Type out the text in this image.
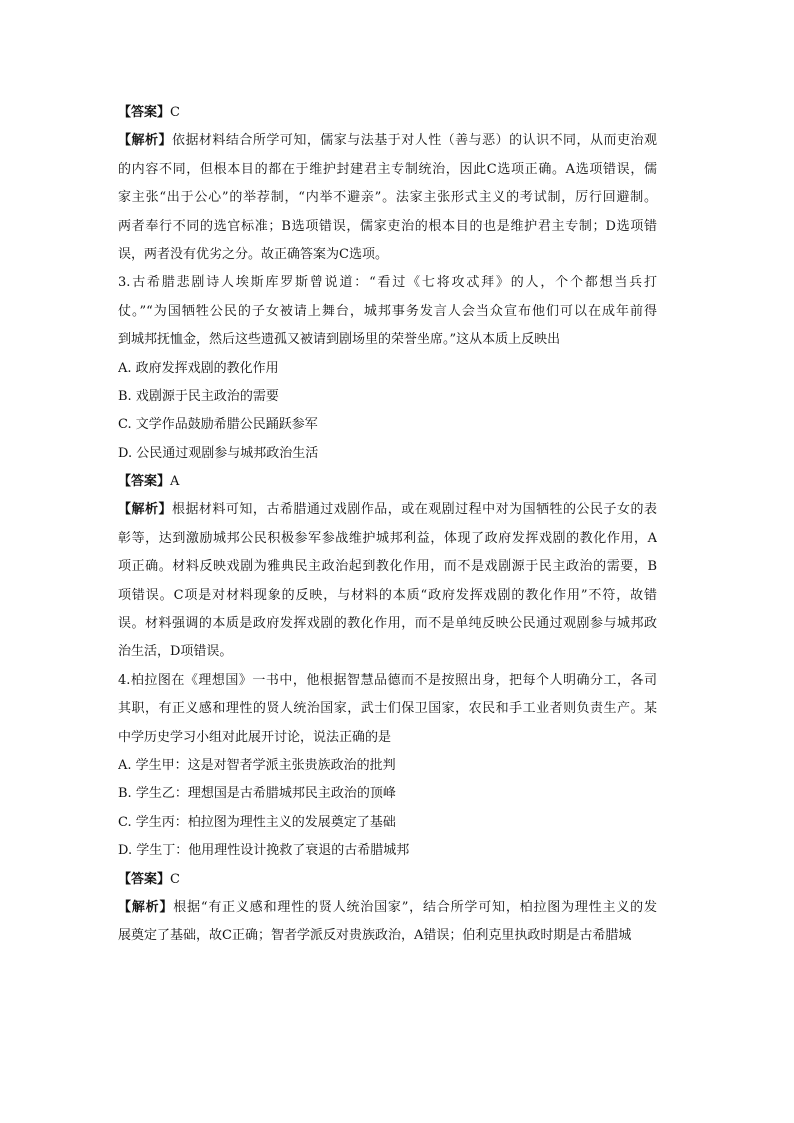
【答案】C
【解析】依据材料结合所学可知，儒家与法基于对人性（善与恶）的认识不同，从而吏治观
的内容不同，但根本目的都在于维护封建君主专制统治，因此C选项正确。A选项错误，儒
家主张“出于公心”的举荐制，“内举不避亲”。法家主张形式主义的考试制，厉行回避制。
两者奉行不同的选官标准；B选项错误，儒家吏治的根本目的也是维护君主专制；D选项错
误，两者没有优劣之分。故正确答案为C选项。
3.古希腊悲剧诗人埃斯库罗斯曾说道：“看过《七将攻忒拜》的人，个个都想当兵打
仗。”“为国牺牲公民的子女被请上舞台，城邦事务发言人会当众宣布他们可以在成年前得
到城邦抚恤金，然后这些遗孤又被请到剧场里的荣誉坐席。”这从本质上反映出
A. 政府发挥戏剧的教化作用
B. 戏剧源于民主政治的需要
C. 文学作品鼓励希腊公民踊跃参军
D. 公民通过观剧参与城邦政治生活
【答案】A
【解析】根据材料可知，古希腊通过戏剧作品，或在观剧过程中对为国牺牲的公民子女的表
彰等，达到激励城邦公民积极参军参战维护城邦利益，体现了政府发挥戏剧的教化作用，A
项正确。材料反映戏剧为雅典民主政治起到教化作用，而不是戏剧源于民主政治的需要，B
项错误。C项是对材料现象的反映，与材料的本质“政府发挥戏剧的教化作用”不符，故错
误。材料强调的本质是政府发挥戏剧的教化作用，而不是单纯反映公民通过观剧参与城邦政
治生活，D项错误。
4.柏拉图在《理想国》一书中，他根据智慧品德而不是按照出身，把每个人明确分工，各司
其职，有正义感和理性的贤人统治国家，武士们保卫国家，农民和手工业者则负责生产。某
中学历史学习小组对此展开讨论，说法正确的是
A. 学生甲：这是对智者学派主张贵族政治的批判
B. 学生乙：理想国是古希腊城邦民主政治的顶峰
C. 学生丙：柏拉图为理性主义的发展奠定了基础
D. 学生丁：他用理性设计挽救了衰退的古希腊城邦
【答案】C
【解析】根据“有正义感和理性的贤人统治国家”，结合所学可知，柏拉图为理性主义的发
展奠定了基础，故C正确；智者学派反对贵族政治，A错误；伯利克里执政时期是古希腊城
